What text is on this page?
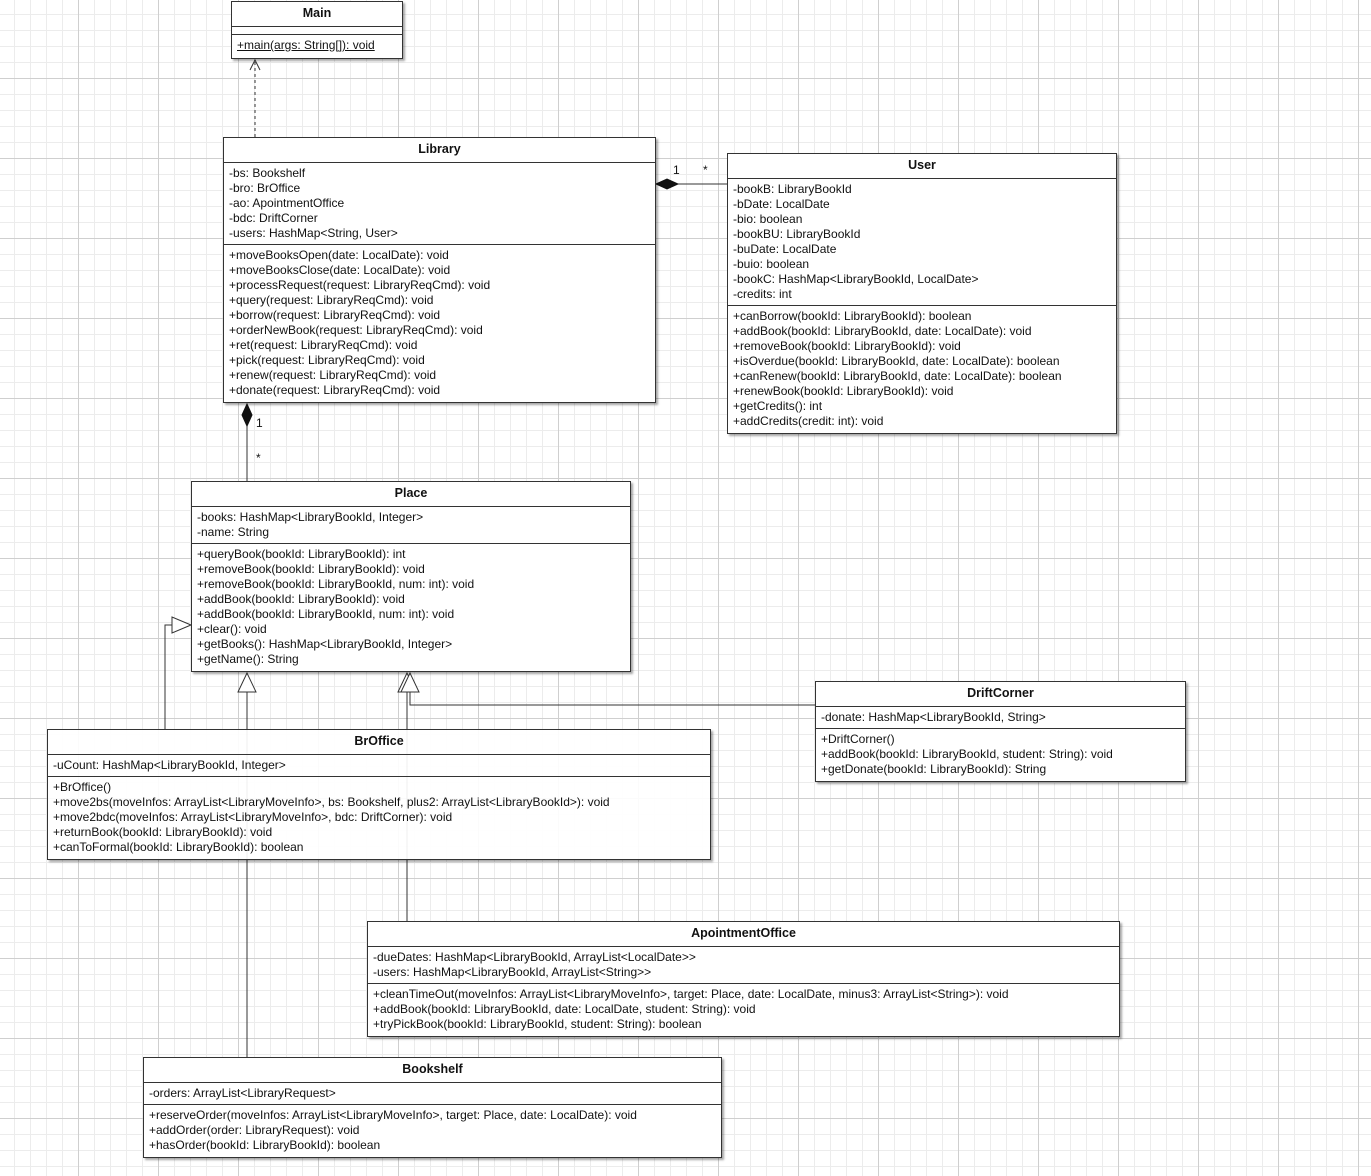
1 *
1
*
Main
+main(args: String[]): void
Library
-bs: Bookshelf
-bro: BrOffice
-ao: ApointmentOffice
-bdc: DriftCorner
-users: HashMap<String, User>
+moveBooksOpen(date: LocalDate): void
+moveBooksClose(date: LocalDate): void
+processRequest(request: LibraryReqCmd): void
+query(request: LibraryReqCmd): void
+borrow(request: LibraryReqCmd): void
+orderNewBook(request: LibraryReqCmd): void
+ret(request: LibraryReqCmd): void
+pick(request: LibraryReqCmd): void
+renew(request: LibraryReqCmd): void
+donate(request: LibraryReqCmd): void
User
-bookB: LibraryBookId
-bDate: LocalDate
-bio: boolean
-bookBU: LibraryBookId
-buDate: LocalDate
-buio: boolean
-bookC: HashMap<LibraryBookId, LocalDate>
-credits: int
+canBorrow(bookId: LibraryBookId): boolean
+addBook(bookId: LibraryBookId, date: LocalDate): void
+removeBook(bookId: LibraryBookId): void
+isOverdue(bookId: LibraryBookId, date: LocalDate): boolean
+canRenew(bookId: LibraryBookId, date: LocalDate): boolean
+renewBook(bookId: LibraryBookId): void
+getCredits(): int
+addCredits(credit: int): void
Place
-books: HashMap<LibraryBookId, Integer>
-name: String
+queryBook(bookId: LibraryBookId): int
+removeBook(bookId: LibraryBookId): void
+removeBook(bookId: LibraryBookId, num: int): void
+addBook(bookId: LibraryBookId): void
+addBook(bookId: LibraryBookId, num: int): void
+clear(): void
+getBooks(): HashMap<LibraryBookId, Integer>
+getName(): String
DriftCorner
-donate: HashMap<LibraryBookId, String>
+DriftCorner()
+addBook(bookId: LibraryBookId, student: String): void
+getDonate(bookId: LibraryBookId): String
BrOffice
-uCount: HashMap<LibraryBookId, Integer>
+BrOffice()
+move2bs(moveInfos: ArrayList<LibraryMoveInfo>, bs: Bookshelf, plus2: ArrayList<LibraryBookId>): void
+move2bdc(moveInfos: ArrayList<LibraryMoveInfo>, bdc: DriftCorner): void
+returnBook(bookId: LibraryBookId): void
+canToFormal(bookId: LibraryBookId): boolean
ApointmentOffice
-dueDates: HashMap<LibraryBookId, ArrayList<LocalDate>>
-users: HashMap<LibraryBookId, ArrayList<String>>
+cleanTimeOut(moveInfos: ArrayList<LibraryMoveInfo>, target: Place, date: LocalDate, minus3: ArrayList<String>): void
+addBook(bookId: LibraryBookId, date: LocalDate, student: String): void
+tryPickBook(bookId: LibraryBookId, student: String): boolean
Bookshelf
-orders: ArrayList<LibraryRequest>
+reserveOrder(moveInfos: ArrayList<LibraryMoveInfo>, target: Place, date: LocalDate): void
+addOrder(order: LibraryRequest): void
+hasOrder(bookId: LibraryBookId): boolean
